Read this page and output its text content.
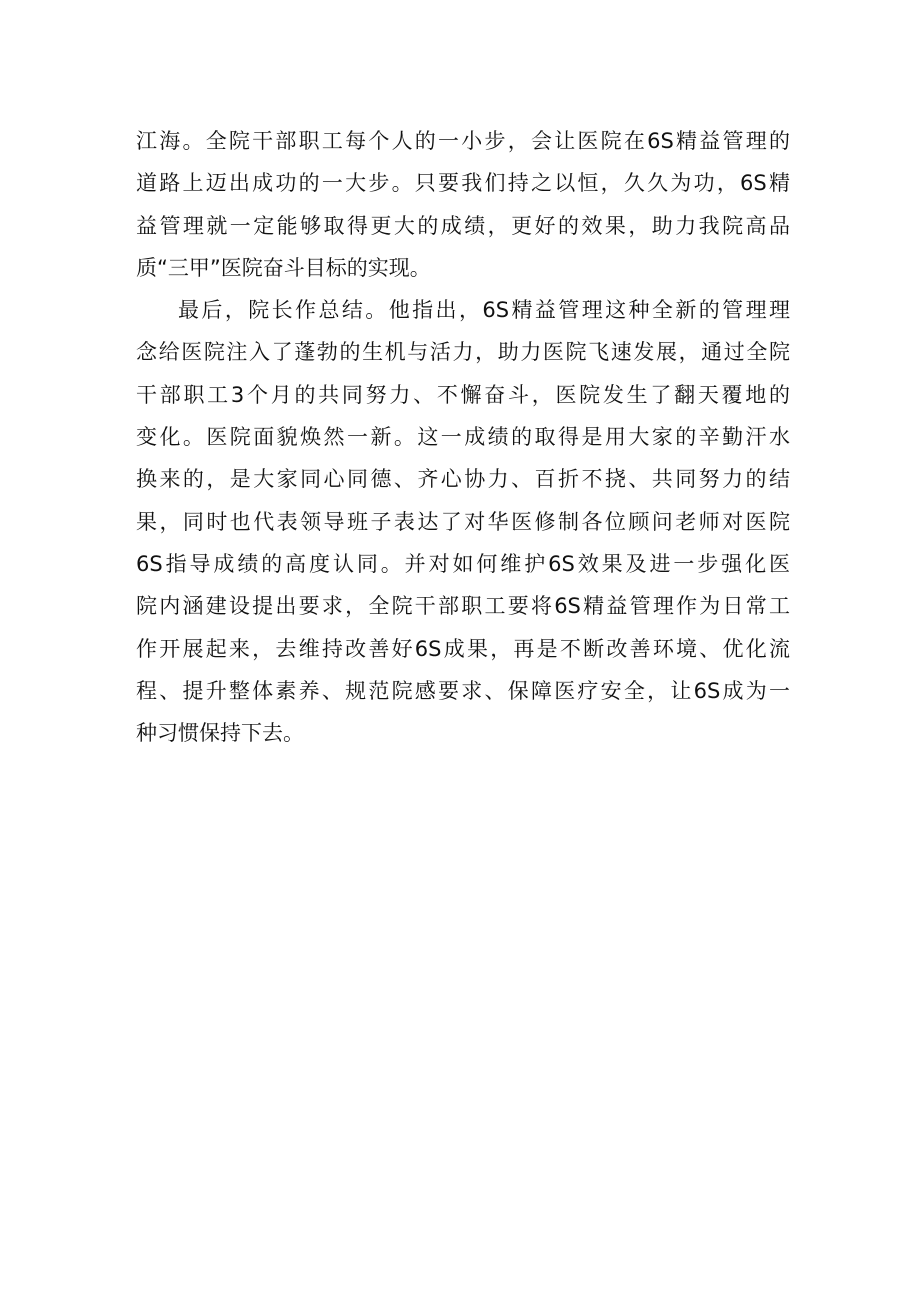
江海。全院干部职工每个人的一小步，会让医院在6S精益管理的
道路上迈出成功的一大步。只要我们持之以恒，久久为功，6S精
益管理就一定能够取得更大的成绩，更好的效果，助力我院高品
质“三甲”医院奋斗目标的实现。
最后，院长作总结。他指出，6S精益管理这种全新的管理理
念给医院注入了蓬勃的生机与活力，助力医院飞速发展，通过全院
干部职工3个月的共同努力、不懈奋斗，医院发生了翻天覆地的
变化。医院面貌焕然一新。这一成绩的取得是用大家的辛勤汗水
换来的，是大家同心同德、齐心协力、百折不挠、共同努力的结
果，同时也代表领导班子表达了对华医修制各位顾问老师对医院
6S指导成绩的高度认同。并对如何维护6S效果及进一步强化医
院内涵建设提出要求，全院干部职工要将6S精益管理作为日常工
作开展起来，去维持改善好6S成果，再是不断改善环境、优化流
程、提升整体素养、规范院感要求、保障医疗安全，让6S成为一
种习惯保持下去。
